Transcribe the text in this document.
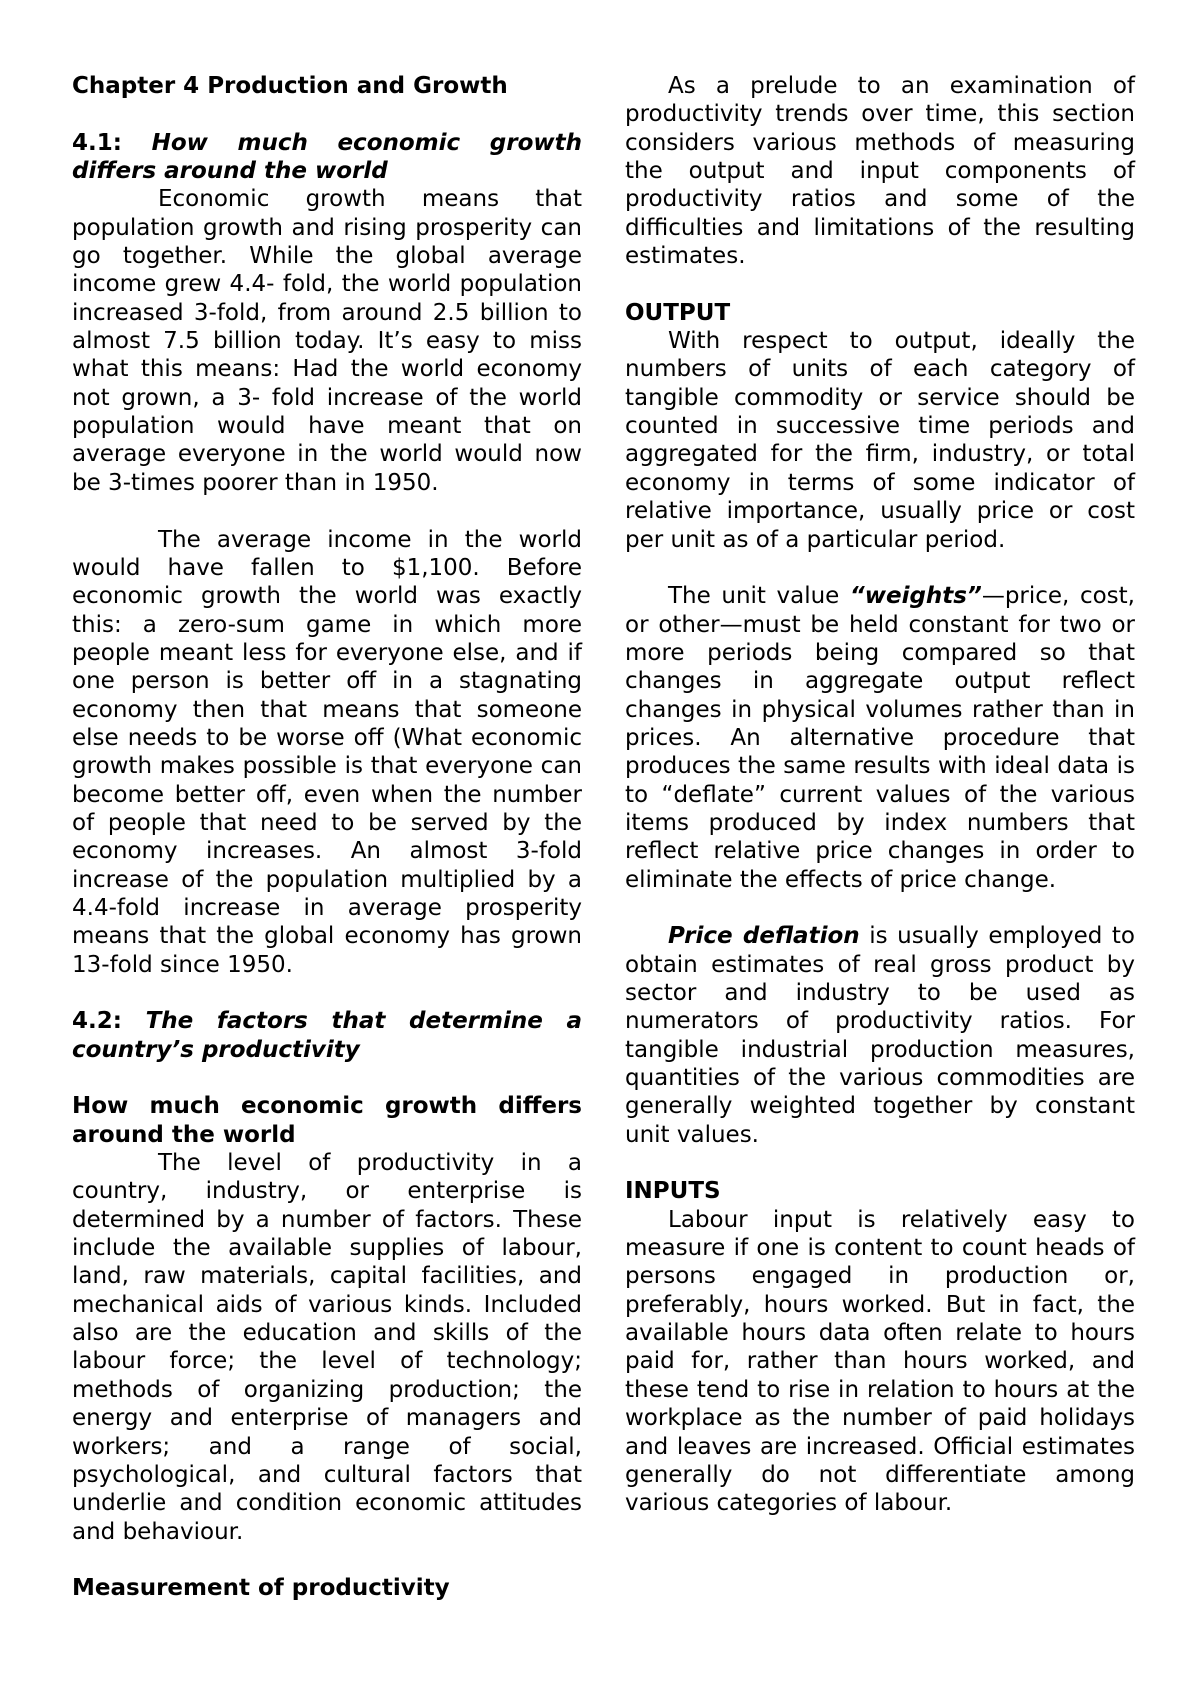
Chapter 4 Production and Growth

4.1: How much economic growth differs around the world

Economic growth means that population growth and rising prosperity can go together. While the global average income grew 4.4- fold, the world population increased 3-fold, from around 2.5 billion to almost 7.5 billion today. It’s easy to miss what this means: Had the world economy not grown, a 3- fold increase of the world population would have meant that on average everyone in the world would now be 3-times poorer than in 1950.

The average income in the world would have fallen to $1,100. Before economic growth the world was exactly this: a zero-sum game in which more people meant less for everyone else, and if one person is better off in a stagnating economy then that means that someone else needs to be worse off (What economic growth makes possible is that everyone can become better off, even when the number of people that need to be served by the economy increases. An almost 3-fold increase of the population multiplied by a 4.4-fold increase in average prosperity means that the global economy has grown 13-fold since 1950.

4.2: The factors that determine a country’s productivity

How much economic growth differs around the world

The level of productivity in a country, industry, or enterprise is determined by a number of factors. These include the available supplies of labour, land, raw materials, capital facilities, and mechanical aids of various kinds. Included also are the education and skills of the labour force; the level of technology; methods of organizing production; the energy and enterprise of managers and workers; and a range of social, psychological, and cultural factors that underlie and condition economic attitudes and behaviour.

Measurement of productivity

As a prelude to an examination of productivity trends over time, this section considers various methods of measuring the output and input components of productivity ratios and some of the difficulties and limitations of the resulting estimates.

OUTPUT

With respect to output, ideally the numbers of units of each category of tangible commodity or service should be counted in successive time periods and aggregated for the firm, industry, or total economy in terms of some indicator of relative importance, usually price or cost per unit as of a particular period.

The unit value “weights”—price, cost, or other—must be held constant for two or more periods being compared so that changes in aggregate output reflect changes in physical volumes rather than in prices. An alternative procedure that produces the same results with ideal data is to “deflate” current values of the various items produced by index numbers that reflect relative price changes in order to eliminate the effects of price change.

Price deflation is usually employed to obtain estimates of real gross product by sector and industry to be used as numerators of productivity ratios. For tangible industrial production measures, quantities of the various commodities are generally weighted together by constant unit values.

INPUTS

Labour input is relatively easy to measure if one is content to count heads of persons engaged in production or, preferably, hours worked. But in fact, the available hours data often relate to hours paid for, rather than hours worked, and these tend to rise in relation to hours at the workplace as the number of paid holidays and leaves are increased. Official estimates generally do not differentiate among various categories of labour.
